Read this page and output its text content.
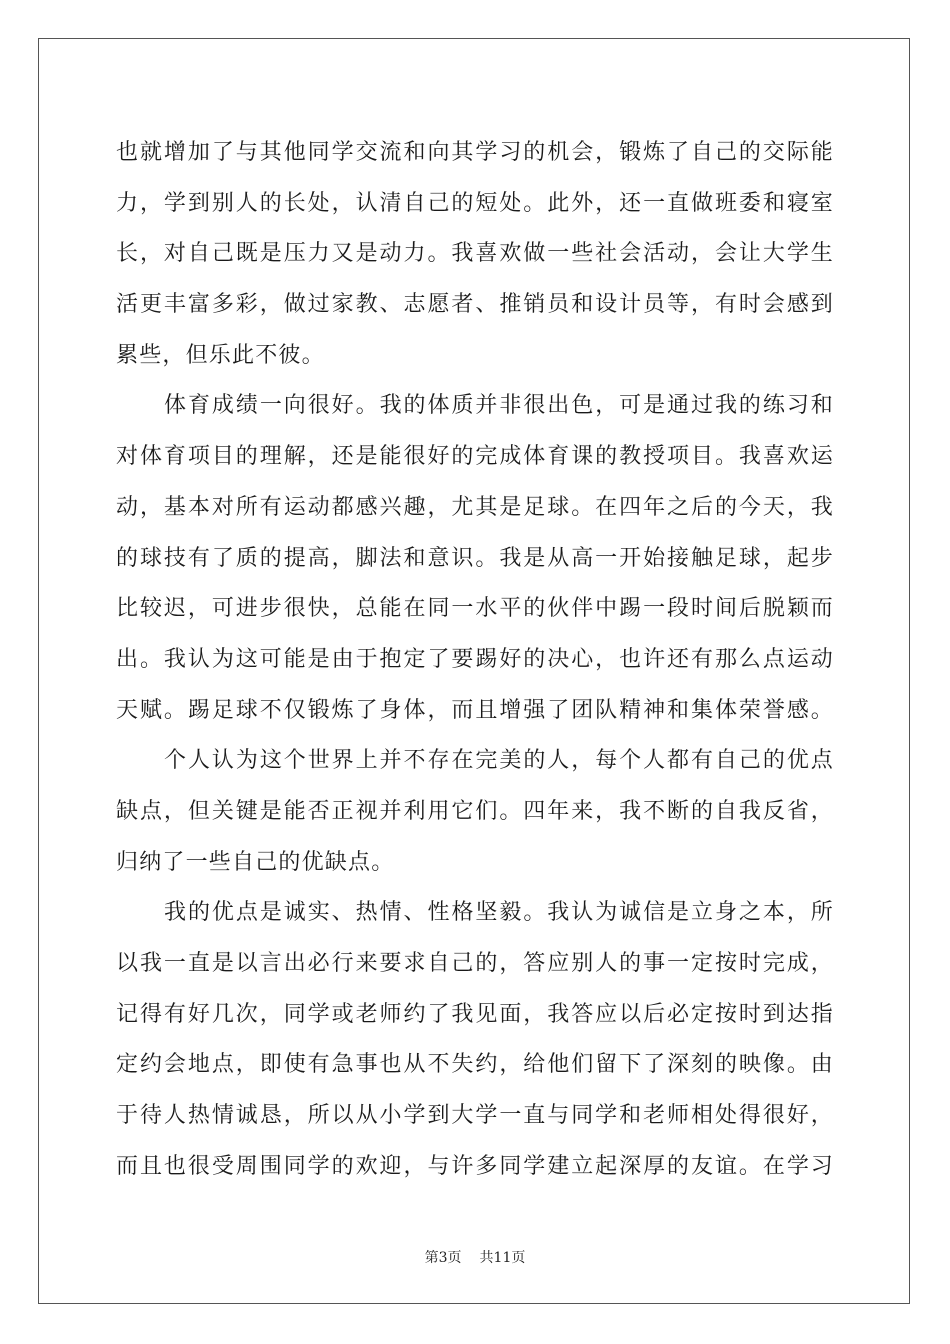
也就增加了与其他同学交流和向其学习的机会，锻炼了自己的交际能
力，学到别人的长处，认清自己的短处。此外，还一直做班委和寝室
长，对自己既是压力又是动力。我喜欢做一些社会活动，会让大学生
活更丰富多彩，做过家教、志愿者、推销员和设计员等，有时会感到
累些，但乐此不彼。
体育成绩一向很好。我的体质并非很出色，可是通过我的练习和
对体育项目的理解，还是能很好的完成体育课的教授项目。我喜欢运
动，基本对所有运动都感兴趣，尤其是足球。在四年之后的今天，我
的球技有了质的提高，脚法和意识。我是从高一开始接触足球，起步
比较迟，可进步很快，总能在同一水平的伙伴中踢一段时间后脱颖而
出。我认为这可能是由于抱定了要踢好的决心，也许还有那么点运动
天赋。踢足球不仅锻炼了身体，而且增强了团队精神和集体荣誉感。
个人认为这个世界上并不存在完美的人，每个人都有自己的优点
缺点，但关键是能否正视并利用它们。四年来，我不断的自我反省，
归纳了一些自己的优缺点。
我的优点是诚实、热情、性格坚毅。我认为诚信是立身之本，所
以我一直是以言出必行来要求自己的，答应别人的事一定按时完成，
记得有好几次，同学或老师约了我见面，我答应以后必定按时到达指
定约会地点，即使有急事也从不失约，给他们留下了深刻的映像。由
于待人热情诚恳，所以从小学到大学一直与同学和老师相处得很好，
而且也很受周围同学的欢迎，与许多同学建立起深厚的友谊。在学习
第3页 共11页
